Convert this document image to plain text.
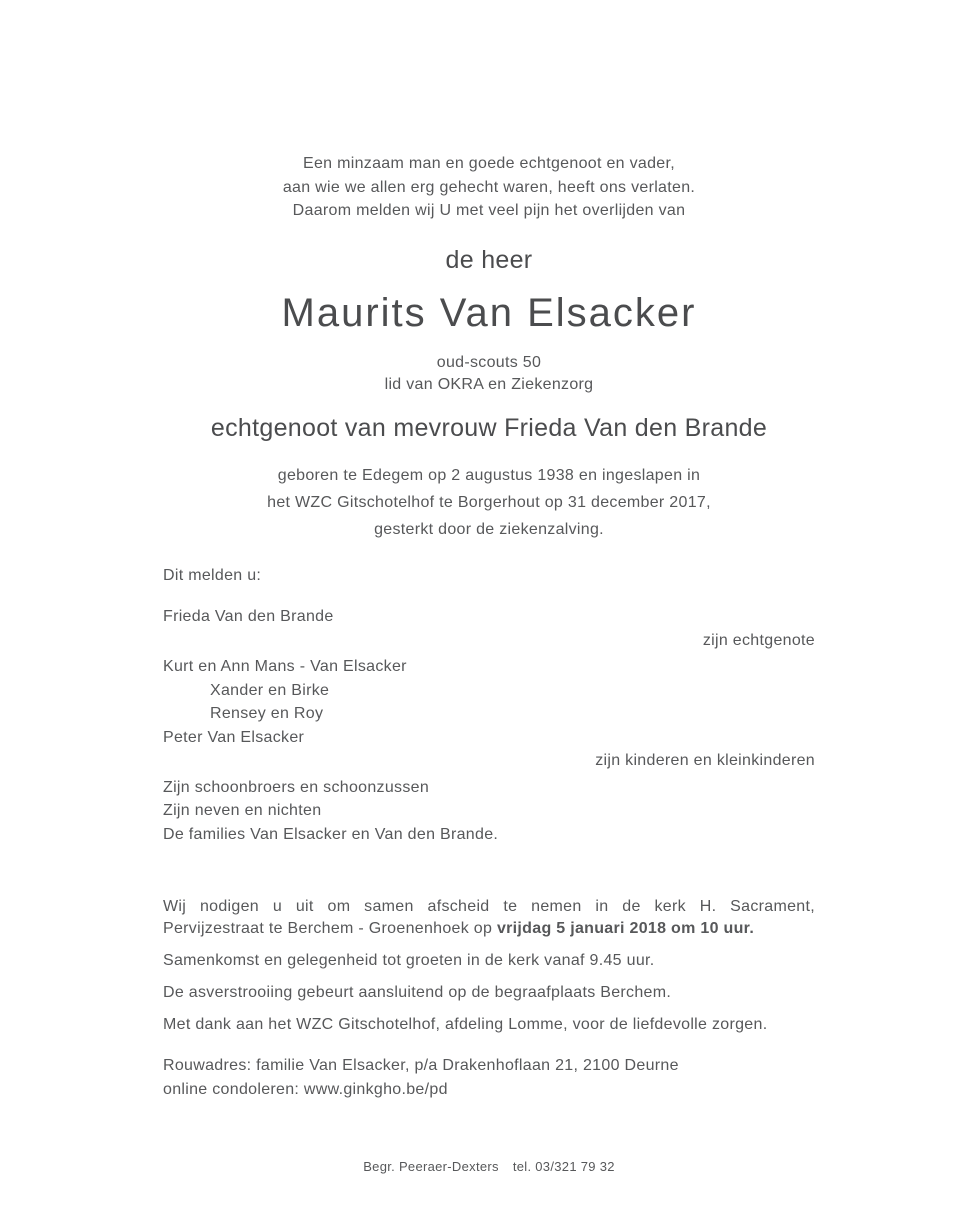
Een minzaam man en goede echtgenoot en vader,
aan wie we allen erg gehecht waren, heeft ons verlaten.
Daarom melden wij U met veel pijn het overlijden van
de heer
Maurits Van Elsacker
oud-scouts 50
lid van OKRA en Ziekenzorg
echtgenoot van mevrouw Frieda Van den Brande
geboren te Edegem op 2 augustus 1938 en ingeslapen in
het WZC Gitschotelhof te Borgerhout op 31 december 2017,
gesterkt door de ziekenzalving.
Dit melden u:
Frieda Van den Brande
zijn echtgenote
Kurt en Ann Mans - Van Elsacker
Xander en Birke
Rensey en Roy
Peter Van Elsacker
zijn kinderen en kleinkinderen
Zijn schoonbroers en schoonzussen
Zijn neven en nichten
De families Van Elsacker en Van den Brande.
Wij nodigen u uit om samen afscheid te nemen in de kerk H. Sacrament,
Pervijzestraat te Berchem - Groenenhoek op vrijdag 5 januari 2018 om 10 uur.
Samenkomst en gelegenheid tot groeten in de kerk vanaf 9.45 uur.
De asverstrooiing gebeurt aansluitend op de begraafplaats Berchem.
Met dank aan het WZC Gitschotelhof, afdeling Lomme, voor de liefdevolle zorgen.
Rouwadres: familie Van Elsacker, p/a Drakenhoflaan 21, 2100 Deurne
online condoleren: www.ginkgho.be/pd
Begr. Peeraer-Dexters tel. 03/321 79 32
